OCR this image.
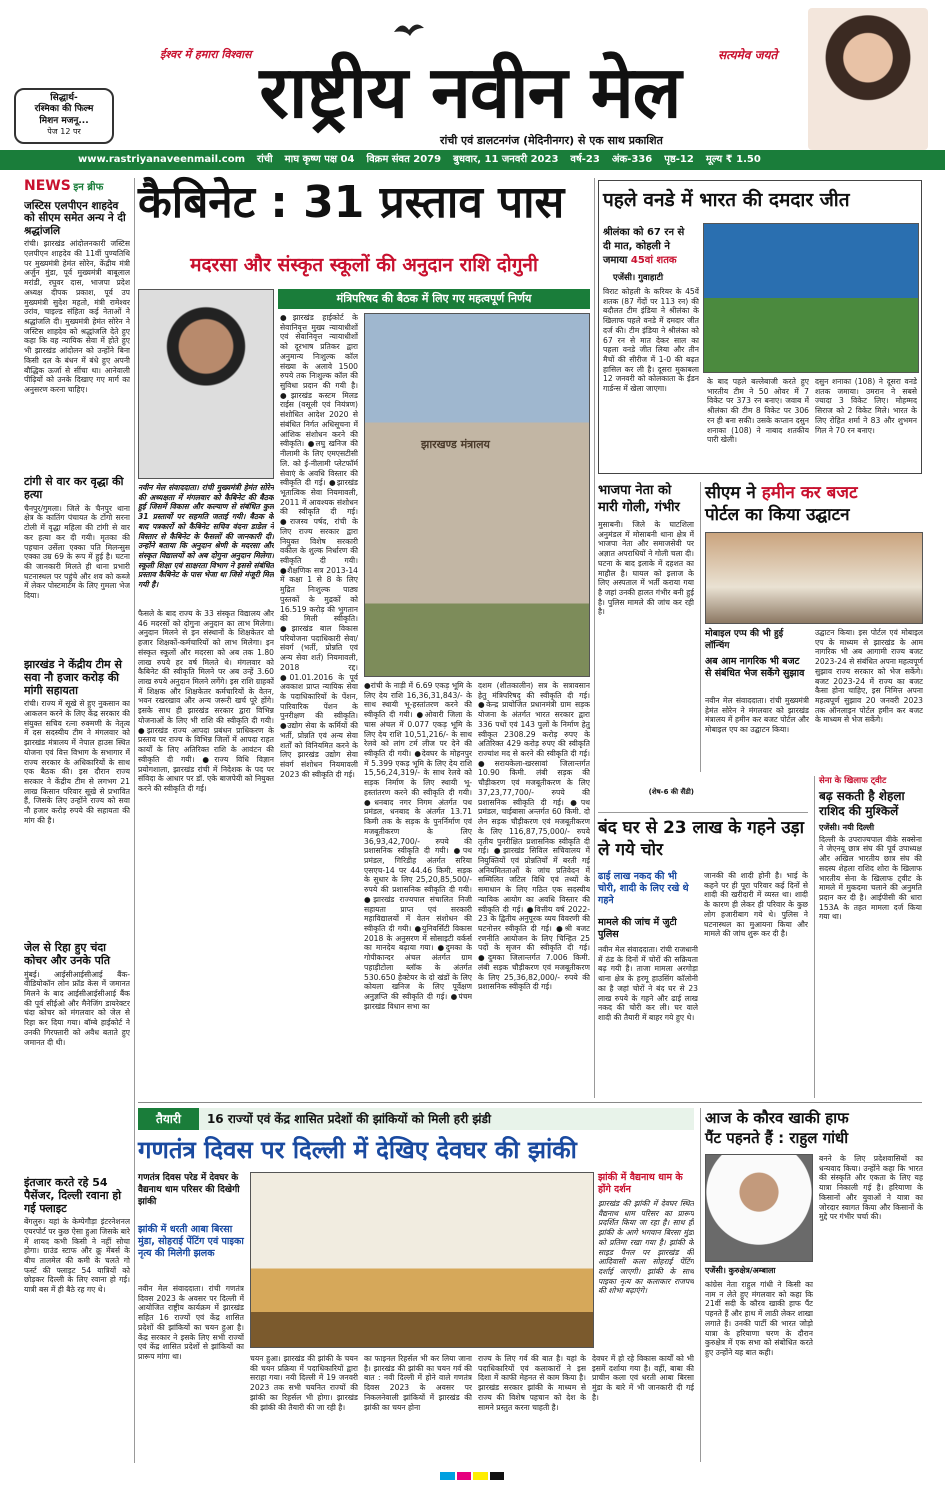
सिद्धार्थ-
रश्मिका की फिल्म
मिशन मजनू...
पेज 12 पर
ईश्वर में हमारा विश्वास राष्ट्रीय नवीन मेल	सत्यमेव जयते
रांची एवं डालटनगंज (मेदिनीनगर) से एक साथ प्रकाशित
www.rastriyanaveenmail.com रांची माघ कृष्ण पक्ष 04 विक्रम संवत 2079 बुधवार, 11 जनवरी 2023 वर्ष-23 अंक-336 पृष्ठ-12 मूल्य ₹ 1.50
NEWS इन ब्रीफ
जस्टिस एलपीएन शाहदेव को सीएम समेत अन्य ने दी श्रद्धांजलि
रांची। झारखंड आंदोलनकारी जस्टिस एलपीएन शाहदेव की 11वीं पुण्यतिथि पर मुख्यमंत्री हेमंत सोरेन, केंद्रीय मंत्री अर्जुन मुंडा, पूर्व मुख्यमंत्री बाबूलाल मरांडी, रघुवर दास, भाजपा प्रदेश अध्यक्ष दीपक प्रकाश, पूर्व उप मुख्यमंत्री सुदेश महतो, मंत्री रामेश्वर उरांव, चाइल्ड संहिता कई नेताओं ने श्रद्धांजलि दी। मुख्यमंत्री हेमंत सोरेन ने जस्टिस शाहदेव को श्रद्धांजलि देते हुए कहा कि वह न्यायिक सेवा में होते हुए भी झारखंड आंदोलन को उन्होंने बिना किसी दल के बंधन में बंधे हुए अपनी बौद्धिक ऊर्जा से सींचा था। आनेवाली पीढ़ियों को उनके दिखाए गए मार्ग का अनुसरण करना चाहिए।
टांगी से वार कर वृद्धा की हत्या
चैनपुर/गुमला। जिले के चैनपुर थाना क्षेत्र के कातिंग पंचायत के टोंगो सरना टोली में वृद्धा महिला की टांगी से वार कर हत्या कर दी गयी। मृतका की पहचान उर्सेला एक्का पति मिलन्सुस एक्का उम्र 69 के रूप में हुई है। घटना की जानकारी मिलते ही थाना प्रभारी घटनास्थल पर पहुंचे और शव को कब्जे में लेकर पोस्टमार्टम के लिए गुमला भेज दिया।
झारखंड ने केंद्रीय टीम से सवा नौ हजार करोड़ की मांगी सहायता
रांची। राज्य में सूखे से हुए नुकसान का आकलन करने के लिए केंद्र सरकार की संयुक्त सचिव रत्ना रुक्मणी के नेतृत्व में दस सदस्यीय टीम ने मंगलवार को झारखंड मंत्रालय में नेपाल हाउस स्थित योजना एवं वित्त विभाग के सभागार में राज्य सरकार के अधिकारियों के साथ एक बैठक की। इस दौरान राज्य सरकार ने केंद्रीय टीम से लगभग 21 लाख किसान परिवार सूखे से प्रभावित हैं, जिसके लिए उन्होंने राज्य को सवा नौ हजार करोड़ रुपये की सहायता की मांग की है।
जेल से रिहा हुए चंदा कोचर और उनके पति
मुंबई। आईसीआईसीआई बैंक-वीडियोकॉन लोन फ्रॉड केस में जमानत मिलने के बाद आईसीआईसीआई बैंक की पूर्व सीईओ और मैनेजिंग डायरेक्टर चंदा कोचर को मंगलवार को जेल से रिहा कर दिया गया। बॉम्बे हाईकोर्ट ने उनकी गिरफ्तारी को अवैध बताते हुए जमानत दी थी।
इंतजार करते रहे 54 पैसेंजर, दिल्ली रवाना हो गई फ्लाइट
बेंगलुरु। यहां के केम्पेगौड़ा इंटरनेशनल एयरपोर्ट पर कुछ ऐसा हुआ जिसके बारे में शायद कभी किसी ने नहीं सोचा होगा। ग्राउंड स्टाफ और क्रू मेंबर्स के बीच तालमेल की कमी के चलते गो फर्स्ट की फ्लाइट 54 यात्रियों को छोड़कर दिल्ली के लिए रवाना हो गई। यात्री बस में ही बैठे रह गए थे।
कैबिनेट : 31 प्रस्ताव पास
मदरसा और संस्कृत स्कूलों की अनुदान राशि दोगुनी
मंत्रिपरिषद की बैठक में लिए गए महत्वपूर्ण निर्णय
नवीन मेल संवाददाता। रांची मुख्यमंत्री हेमंत सोरेन की अध्यक्षता में मंगलवार को कैबिनेट की बैठक हुई जिसमें विकास और कल्याण से संबंधित कुल 31 प्रस्तावों पर सहमति जताई गयी। बैठक के बाद पत्रकारों को कैबिनेट सचिव वंदना डाडेल ने विस्तार से कैबिनेट के फैसलों की जानकारी दी। उन्होंने बताया कि अनुदान श्रेणी के मदरसा और संस्कृत विद्यालयों को अब दोगुना अनुदान मिलेगा। स्कूली शिक्षा एवं साक्षरता विभाग ने इससे संबंधित प्रस्ताव कैबिनेट के पास भेजा था जिसे मंजूरी मिल गयी है।
फैसले के बाद राज्य के 33 संस्कृत विद्यालय और 46 मदरसों को दोगुना अनुदान का लाभ मिलेगा। अनुदान मिलने से इन संस्थानों के शिक्षकेतर वो हजार शिक्षकों-कर्मचारियों को लाभ मिलेगा। इन संस्कृत स्कूलों और मदरसा को अब तक 1.80 लाख रुपये हर वर्ष मिलते थे। मंगलवार को कैबिनेट की स्वीकृति मिलने पर अब उन्हें 3.60 लाख रुपये अनुदान मिलने लगेंगे। इस राशि ग्राहकों में शिक्षक और शिक्षकेतर कर्मचारियों के वेतन, भवन रखरखाव और अन्य जरूरी खर्च पूरे होंगे। इसके साथ ही झारखंड सरकार द्वारा विभिन्न योजनाओं के लिए भी राशि की स्वीकृति दी गयी। ●झारखंड राज्य आपदा प्रबंधन प्राधिकरण के प्रस्ताव पर राज्य के विभिन्न जिलों में आपदा राहत कार्यों के लिए अतिरिक्त राशि के आवंटन की स्वीकृति दी गयी। ●राज्य विधि विज्ञान प्रयोगशाला, झारखंड रांची में निदेशक के पद पर संविदा के आधार पर डॉ. एके बाजपेयी को नियुक्त करने की स्वीकृति दी गई।
●झारखंड हाईकोर्ट के सेवानिवृत्त मुख्य न्यायाधीशों एवं सेवानिवृत्त न्यायाधीशों को दूरभाष प्रतिकर द्वारा अनुमान्य निःशुल्क कॉल संख्या के अलावे 1500 रुपये तक निःशुल्क कॉल की सुविधा प्रदान की गयी है। ●झारखंड कस्टम मिलड राईस (वसूली एवं नियंत्रण) संशोधित आदेश 2020 से संबंधित निर्गत अधिसूचना में आंशिक संशोधन करने की स्वीकृति। ●लघु खनिज की नीलामी के लिए एमएसटीसी लि. को ई-नीलामी प्लेटफॉर्म सेवाएं के अवधि विस्तार की स्वीकृति दी गई। ●झारखंड भूतात्विक सेवा नियमावली, 2011 में आवश्यक संशोधन की स्वीकृति दी गई। ●राजस्व पर्षद, रांची के लिए राज्य सरकार द्वारा नियुक्त विशेष सरकारी वकील के शुल्क निर्धारण की स्वीकृति दी गयी। ●शैक्षणिक सत्र 2013-14 में कक्षा 1 से 8 के लिए मुद्रित निःशुल्क पाठ्य पुस्तकों के मुद्रकों को 16.519 करोड़ की भुगतान की मिली स्वीकृति। ●झारखंड बाल विकास परियोजना पदाधिकारी सेवा/संवर्ग (भर्ती, प्रोन्नति एवं अन्य सेवा शर्त) नियमावली, 2018 रद्द। ●01.01.2016 के पूर्व अवकाश प्राप्त न्यायिक सेवा के पदाधिकारियों के पेंशन, पारिवारिक पेंशन के पुनरीक्षण की स्वीकृति। ●उद्योग सेवा के कर्मियों की भर्ती, प्रोन्नति एवं अन्य सेवा शर्तों को विनियमित करने के लिए झारखंड उद्योग सेवा संवर्ग संशोधन नियमावली 2023 की स्वीकृति दी गई।
झारखण्ड मंत्रालय
●रांची के नाड़ी में 6.69 एकड़ भूमि के लिए देय राशि 16,36,31,843/- के साथ स्थायी भू-हस्तांतरण करने की स्वीकृति दी गयी। ●ओवारी जिला के चास अंचल में 0.077 एकड़ भूमि के लिए देय राशि 10,51,216/- के साथ रेलवे को लांग टर्म लीज पर देने की स्वीकृति दी गयी। ●देवघर के मोहनपुर में 5.399 एकड़ भूमि के लिए देय राशि 15,56,24,319/- के साथ रेलवे को सड़क निर्माण के लिए स्थायी भू-हस्तांतरण करने की स्वीकृति दी गयी। ●धनबाद नगर निगम अंतर्गत पथ प्रमंडल, धनबाद के अंतर्गत 13.71 किमी तक के सड़क के पुनर्निर्माण एवं मजबूतीकरण के लिए 36,93,42,700/- रुपये की प्रशासनिक स्वीकृति दी गयी। ●पथ प्रमंडल, गिरिडीह अंतर्गत सरिया एसएच-14 पर 44.46 किमी. सड़क के सुधार के लिए 25,20,85,500/- रुपये की प्रशासनिक स्वीकृति दी गयी। ●झारखंड राज्यपाल संचालित निजी सहायता प्राप्त एवं सरकारी महाविद्यालयों में वेतन संशोधन की स्वीकृति दी गयी। ●युनिवर्सिटी विकास 2018 के अनुसरण में सोसाइटी वर्कर्स का मानदेय बढ़ाया गया। ●दुमका के गोपीकान्दर अंचल अंतर्गत ग्राम पहाड़ीटोला ब्लॉक के अंतर्गत 530.650 हेक्टेयर के दो खंडों के लिए कोयला खनिज के लिए पूर्वेक्षण अनुज्ञप्ति की स्वीकृति दी गई। ●पंचम झारखंड विधान सभा का
दशम (शीतकालीन) सत्र के सत्रावसान हेतु मंत्रिपरिषद् की स्वीकृति दी गई। ●केन्द्र प्रायोजित प्रधानमंत्री ग्राम सड़क योजना के अंतर्गत भारत सरकार द्वारा 336 पथों एवं 143 पुलों के निर्माण हेतु स्वीकृत 2308.29 करोड़ रुपए के अतिरिक्त 429 करोड़ रुपए की स्वीकृति राज्यांश मद से करने की स्वीकृति दी गई। ●सरायकेला-खरसावां जिलान्तर्गत 10.90 किमी. लंबी सड़क की चौड़ीकरण एवं मजबूतीकरण के लिए 37,23,77,700/- रुपये की प्रशासनिक स्वीकृति दी गई। ●पथ प्रमंडल, चाईबासा अन्तर्गत 60 किमी. दो लेन सड़क चौड़ीकरण एवं मजबूतीकरण के लिए 116,87,75,000/- रुपये तृतीय पुनरीक्षित प्रशासनिक स्वीकृति दी गई। ●झारखंड सिविल सचिवालय में नियुक्तियों एवं प्रोन्नतियों में बरती गई अनियमितताओं के जांच प्रतिवेदन में सम्मिलित जटिल विधि एवं तथ्यों के समाधान के लिए गठित एक सदस्यीय न्यायिक आयोग का अवधि विस्तार की स्वीकृति दी गई। ●वित्तीय वर्ष 2022-23 के द्वितीय अनुपूरक व्यय विवरणी की घटनोत्तर स्वीकृति दी गई। ●श्री बजट रणनीति आयोजन के लिए चिन्हित 25 पदों के सृजन की स्वीकृति दी गई। ●दुमका जिलान्तर्गत 7.006 किमी. लंबी सड़क चौड़ीकरण एवं मजबूतीकरण के लिए 25,36,82,000/- रुपये की प्रशासनिक स्वीकृति दी गई।
पहले वनडे में भारत की दमदार जीत
श्रीलंका को 67 रन से
दी मात, कोहली ने
जमाया 45वां शतक
एजेंसी। गुवाहाटी
विराट कोहली के करियर के 45वें शतक (87 गेंदों पर 113 रन) की बदौलत टीम इंडिया ने श्रीलंका के खिलाफ पहले वनडे में दमदार जीत दर्ज की। टीम इंडिया ने श्रीलंका को 67 रन से मात देकर साल का पहला वनडे जीत लिया और तीन मैचों की सीरीज में 1-0 की बढ़त हासिल कर ली है। दूसरा मुकाबला 12 जनवरी को कोलकाता के ईडन गार्डन्स में खेला जाएगा।
के बाद पहले बल्लेबाजी करते हुए भारतीय टीम ने 50 ओवर में 7 विकेट पर 373 रन बनाए। जवाब में श्रीलंका की टीम 8 विकेट पर 306 रन ही बना सकी। उसके कप्तान दसुन शनाका (108) ने नाबाद शतकीय पारी खेली।
दसुन शनाका (108) ने दूसरा वनडे शतक जमाया। उमरान ने सबसे ज्यादा 3 विकेट लिए। मोहम्मद सिराज को 2 विकेट मिले। भारत के लिए रोहित शर्मा ने 83 और शुभमन गिल ने 70 रन बनाए।
भाजपा नेता को मारी गोली, गंभीर
मुसाबनी। जिले के घाटशिला अनुमंडल में मोसाबनी थाना क्षेत्र में भाजपा नेता और समाजसेवी पर अज्ञात अपराधियों ने गोली चला दी। घटना के बाद इलाके में दहशत का माहौल है। घायल को इलाज के लिए अस्पताल में भर्ती कराया गया है जहां उनकी हालत गंभीर बनी हुई है। पुलिस मामले की जांच कर रही है।
(शेष-6 की सैंडी)
सीएम ने हमीन कर बजट
पोर्टल का किया उद्घाटन
मोबाइल एप्प की भी हुई लॉन्चिंग
अब आम नागरिक भी बजट से संबंधित भेज सकेंगे सुझाव
नवीन मेल संवाददाता। रांची मुख्यमंत्री हेमंत सोरेन ने मंगलवार को झारखंड मंत्रालय में हमीन कर बजट पोर्टल और मोबाइल एप का उद्घाटन किया।
उद्घाटन किया। इस पोर्टल एवं मोबाइल एप के माध्यम से झारखंड के आम नागरिक भी अब आगामी राज्य बजट 2023-24 से संबंधित अपना महत्वपूर्ण सुझाव राज्य सरकार को भेज सकेंगे। बजट 2023-24 में राज्य का बजट कैसा होना चाहिए, इस निमित्त अपना महत्वपूर्ण सुझाव 20 जनवरी 2023 तक ऑनलाइन पोर्टल हमीन कर बजट के माध्यम से भेज सकेंगे।
बंद घर से 23 लाख के गहने उड़ा ले गये चोर
ढाई लाख नकद की भी चोरी, शादी के लिए रखे थे गहने
मामले की जांच में जुटी पुलिस
नवीन मेल संवाददाता। रांची राजधानी में ठंड के दिनों में चोरों की सक्रियता बढ़ गयी है। ताजा मामला अरगोड़ा थाना क्षेत्र के हरमू हाउसिंग कॉलोनी का है जहां चोरों ने बंद घर से 23 लाख रुपये के गहने और ढाई लाख नकद की चोरी कर ली। घर वाले शादी की तैयारी में बाहर गये हुए थे।
जानकी की शादी होनी है। भाई के कहने पर ही पूरा परिवार कई दिनों से शादी की खरीदारी में व्यस्त था। शादी के कारण ही लेकर ही परिवार के कुछ लोग हजारीबाग गये थे। पुलिस ने घटनास्थल का मुआयना किया और मामले की जांच शुरू कर दी है।
सेना के खिलाफ ट्वीट
बढ़ सकती है शेहला राशिद की मुश्किलें
एजेंसी। नयी दिल्ली
दिल्ली के उपराज्यपाल वीके सक्सेना ने जेएनयू छात्र संघ की पूर्व उपाध्यक्ष और अखिल भारतीय छात्र संघ की सदस्य शेहला राशिद शोरा के खिलाफ भारतीय सेना के खिलाफ ट्वीट के मामले में मुकदमा चलाने की अनुमति प्रदान कर दी है। आईपीसी की धारा 153A के तहत मामला दर्ज किया गया था।
तैयारी	16 राज्यों एवं केंद्र शासित प्रदेशों की झांकियों को मिली हरी झंडी
गणतंत्र दिवस पर दिल्ली में देखिए देवघर की झांकी
गणतंत्र दिवस परेड में देवघर के वैद्यनाथ धाम परिसर की दिखेगी झांकी
झांकी में धरती आबा बिरसा मुंडा, सोहराई पेंटिंग एवं पाइका नृत्य की मिलेगी झलक
नवीन मेल संवाददाता। रांची गणतंत्र दिवस 2023 के अवसर पर दिल्ली में आयोजित राष्ट्रीय कार्यक्रम में झारखंड सहित 16 राज्यों एवं केंद्र शासित प्रदेशों की झांकियों का चयन हुआ है। केंद्र सरकार ने इसके लिए सभी राज्यों एवं केंद्र शासित प्रदेशों से झांकियों का प्रारूप मांगा था।
झांकी में वैद्यनाथ धाम के होंगे दर्शन
झारखंड की झांकी में देवघर स्थित वैद्यनाथ धाम परिसर का प्रारूप प्रदर्शित किया जा रहा है। साथ ही झांकी के आगे भगवान बिरसा मुंडा को प्रतिमा रखा गया है। झांकी के साइड पैनल पर झारखंड की आदिवासी कला सोहराई पेंटिंग दर्शाई जाएगी। झांकी के साथ पाइका नृत्य का कलाकार राजपथ की शोभा बढ़ाएंगे।
चयन हुआ। झारखंड की झांकी के चयन की चयन प्रक्रिया में पदाधिकारियों द्वारा सराहा गया। नयी दिल्ली में 19 जनवरी 2023 तक सभी चयनित राज्यों की झांकी का रिहर्सल भी होगा। झारखंड की झांकी की तैयारी की जा रही है।
का फाइनल रिहर्सल भी कर लिया जाना है। झारखंड की झांकी का चयन गर्व की बात : नवी दिल्ली में होने वाले गणतंत्र दिवस 2023 के अवसर पर निकलनेवाली झांकियों में झारखंड की झांकी का चयन होना
राज्य के लिए गर्व की बात है। यहां के पदाधिकारियों एवं कलाकारों ने इस दिशा में काफी मेहनत से काम किया है। झारखंड सरकार झांकी के माध्यम से राज्य की विशेष पहचान को देश के सामने प्रस्तुत करना चाहती है।
देवघर में हो रहे विकास कार्यों को भी इसमें दर्शाया गया है। वहीं, बाबा की प्राचीन कला एवं धरती आबा बिरसा मुंडा के बारे में भी जानकारी दी गई है।
आज के कौरव खाकी हाफ
पैंट पहनते हैं : राहुल गांधी
बनने के लिए प्रदेशवासियों का धन्यवाद किया। उन्होंने कहा कि भारत की संस्कृति और एकता के लिए यह यात्रा निकाली गई है। हरियाणा के किसानों और युवाओं ने यात्रा का जोरदार स्वागत किया और किसानों के मुद्दे पर गंभीर चर्चा की।
एजेंसी। कुरुक्षेत्र/अम्बाला
कांग्रेस नेता राहुल गांधी ने किसी का नाम न लेते हुए मंगलवार को कहा कि 21वीं सदी के कौरव खाकी हाफ पैंट पहनते हैं और हाथ में लाठी लेकर शाखा लगाते हैं। उनकी पार्टी की भारत जोड़ो यात्रा के हरियाणा चरण के दौरान कुरुक्षेत्र में एक सभा को संबोधित करते हुए उन्होंने यह बात कही।
